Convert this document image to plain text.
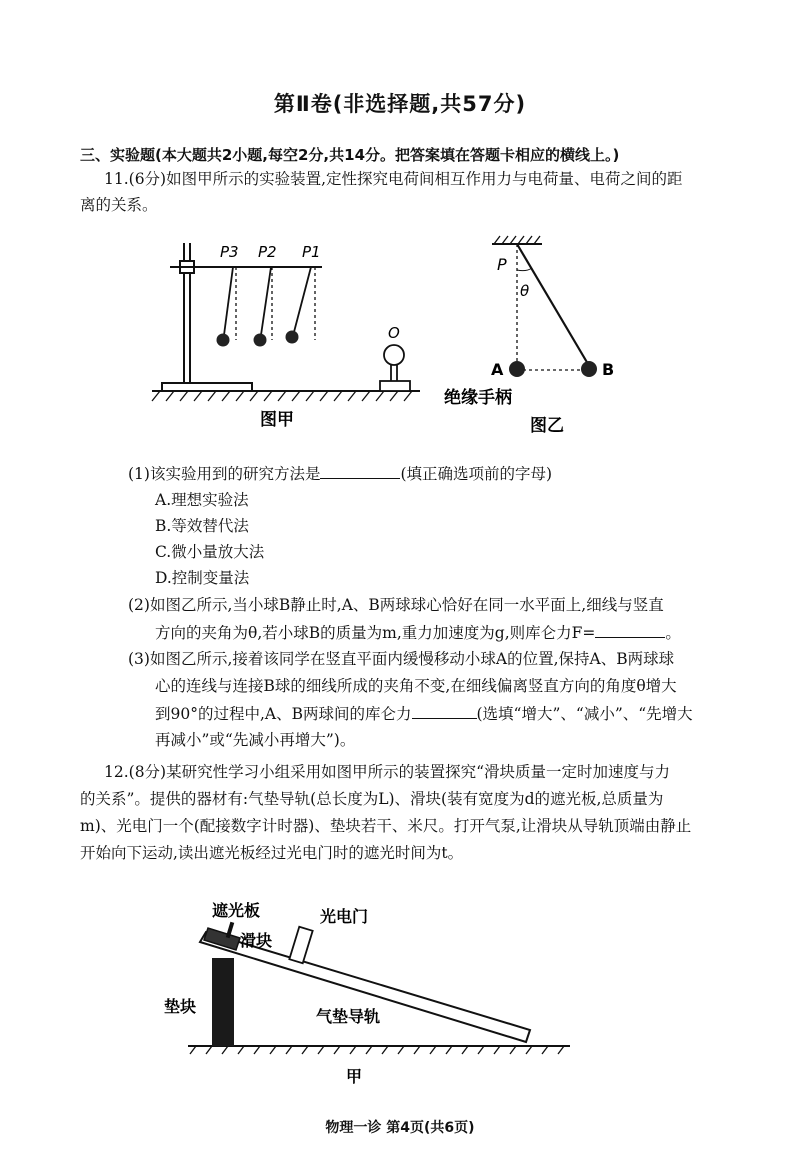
第Ⅱ卷(非选择题,共57分)
三、实验题(本大题共2小题,每空2分,共14分。把答案填在答题卡相应的横线上。)
11.(6分)如图甲所示的实验装置,定性探究电荷间相互作用力与电荷量、电荷之间的距
离的关系。
P3 P2 P1
O
图甲
P
θ
A	B
绝缘手柄
图乙
(1)该实验用到的研究方法是	(填正确选项前的字母)
A.理想实验法
B.等效替代法
C.微小量放大法
D.控制变量法
(2)如图乙所示,当小球B静止时,A、B两球球心恰好在同一水平面上,细线与竖直
方向的夹角为θ,若小球B的质量为m,重力加速度为g,则库仑力F=	。
(3)如图乙所示,接着该同学在竖直平面内缓慢移动小球A的位置,保持A、B两球球
心的连线与连接B球的细线所成的夹角不变,在细线偏离竖直方向的角度θ增大
到90°的过程中,A、B两球间的库仑力	(选填“增大”、“减小”、“先增大
再减小”或“先减小再增大”)。
12.(8分)某研究性学习小组采用如图甲所示的装置探究“滑块质量一定时加速度与力
的关系”。提供的器材有:气垫导轨(总长度为L)、滑块(装有宽度为d的遮光板,总质量为
m)、光电门一个(配接数字计时器)、垫块若干、米尺。打开气泵,让滑块从导轨顶端由静止
开始向下运动,读出遮光板经过光电门时的遮光时间为t。
遮光板
滑块
光电门
垫块
气垫导轨
甲
物理一诊 第4页(共6页)
